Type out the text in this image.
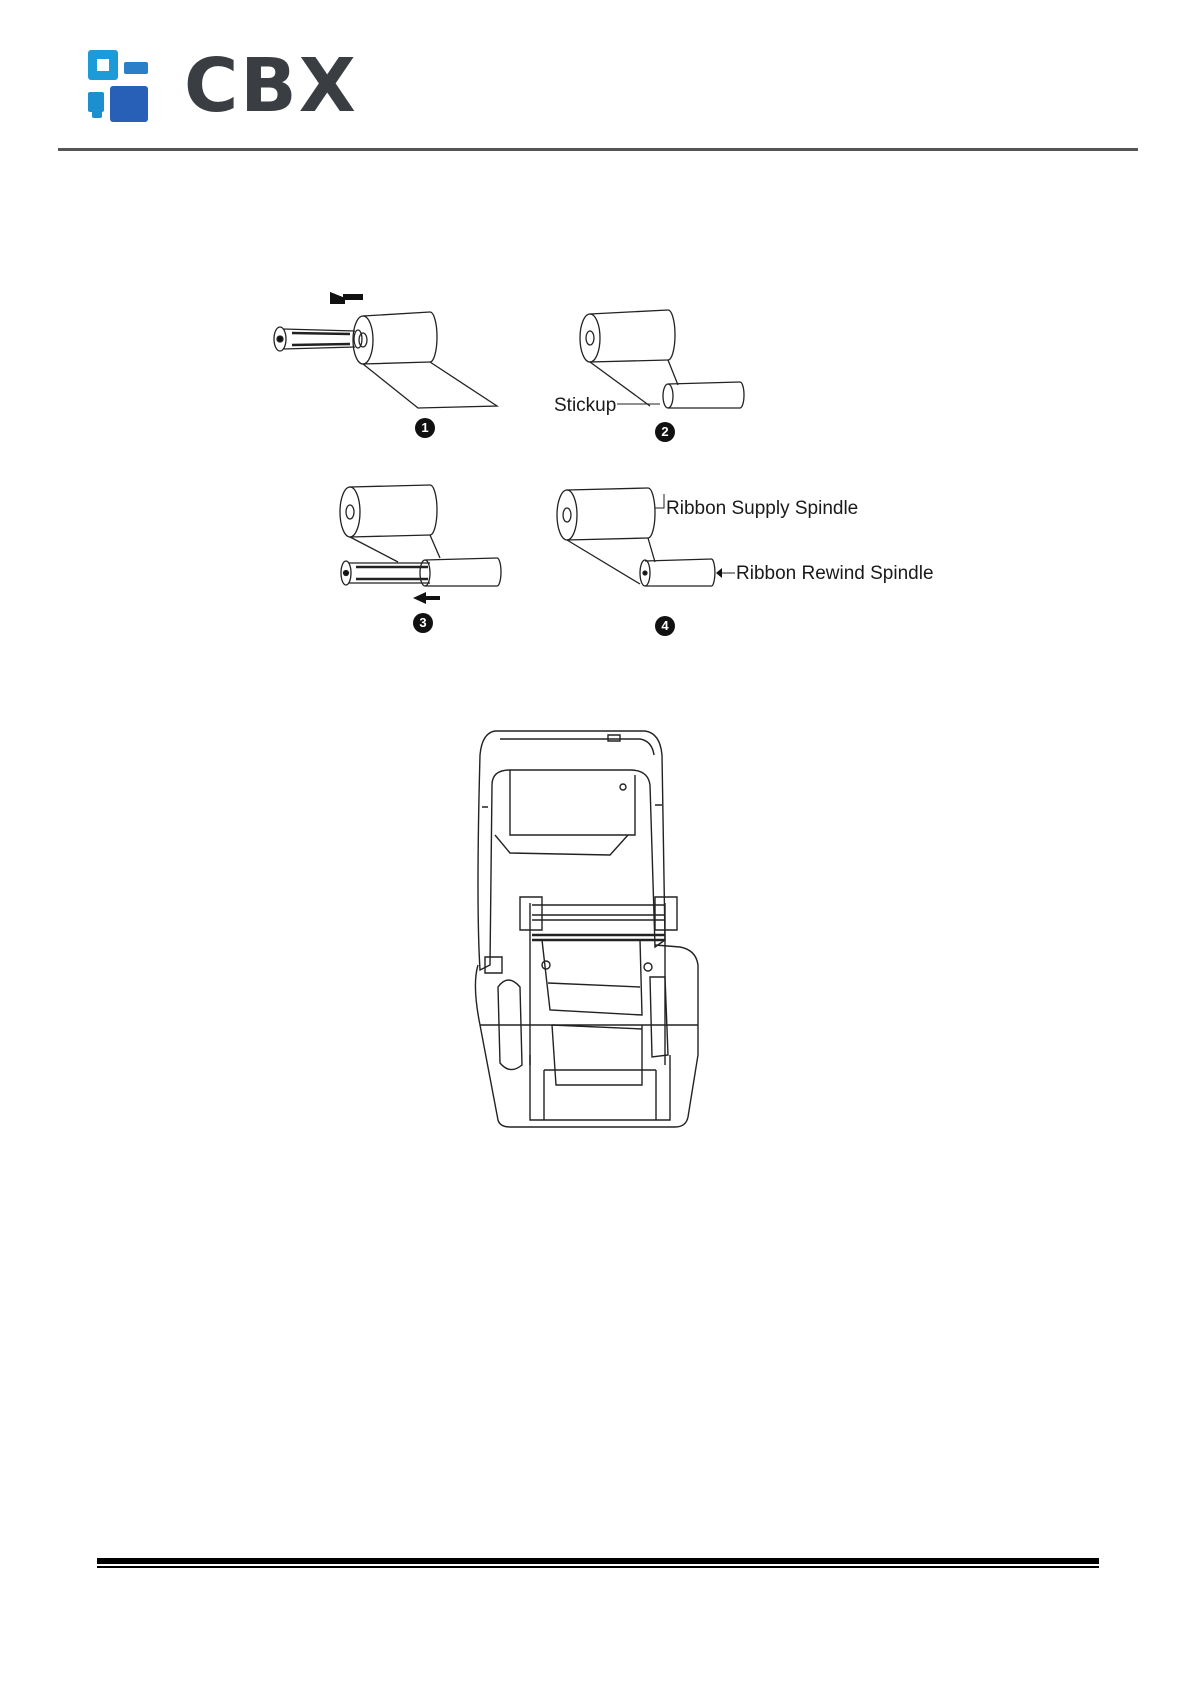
CBX
Stickup
Ribbon Supply Spindle
Ribbon Rewind Spindle
1	2
3	4
